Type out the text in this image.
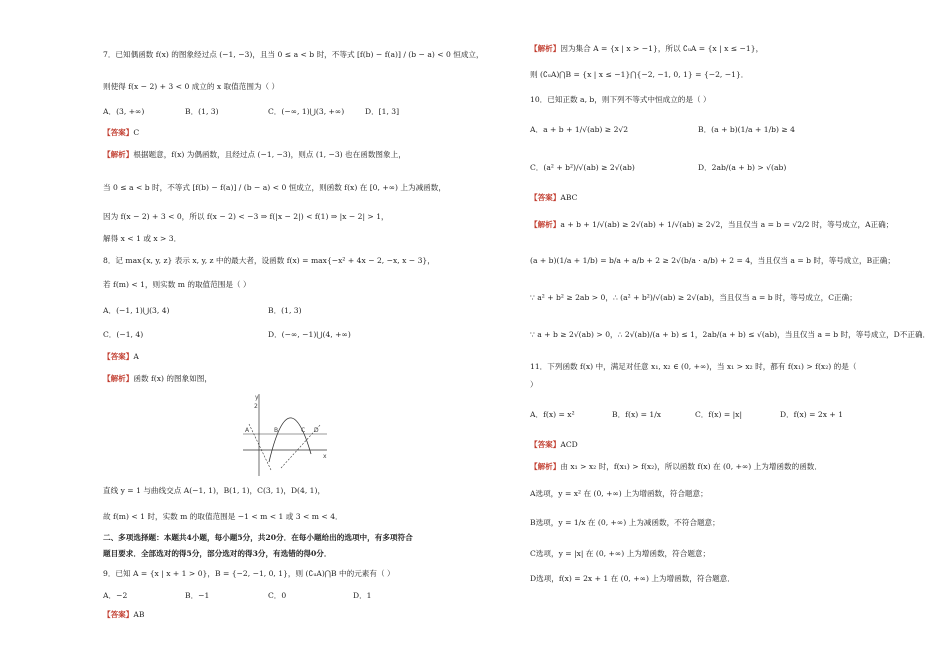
7．已知偶函数 f(x) 的图象经过点 (−1, −3)，且当 0 ≤ a < b 时，不等式 [f(b) − f(a)] / (b − a) < 0 恒成立，
则使得 f(x − 2) + 3 < 0 成立的 x 取值范围为（ ）
A．(3, +∞)	B．(1, 3)	C．(−∞, 1)⋃(3, +∞)	D．[1, 3]
【答案】C
【解析】根据题意，f(x) 为偶函数，且经过点 (−1, −3)，则点 (1, −3) 也在函数图象上，
当 0 ≤ a < b 时，不等式 [f(b) − f(a)] / (b − a) < 0 恒成立，则函数 f(x) 在 [0, +∞) 上为减函数，
因为 f(x − 2) + 3 < 0，所以 f(x − 2) < −3 ⇒ f(|x − 2|) < f(1) ⇒ |x − 2| > 1，
解得 x < 1 或 x > 3．
8．记 max{x, y, z} 表示 x, y, z 中的最大者，设函数 f(x) = max{−x² + 4x − 2, −x, x − 3}，
若 f(m) < 1，则实数 m 的取值范围是（ ）
A．(−1, 1)⋃(3, 4)	B．(1, 3)
C．(−1, 4)	D．(−∞, −1)⋃(4, +∞)
【答案】A
【解析】函数 f(x) 的图象如图，
y
A	B	C D
x
2
直线 y = 1 与曲线交点 A(−1, 1)，B(1, 1)，C(3, 1)，D(4, 1)，
故 f(m) < 1 时，实数 m 的取值范围是 −1 < m < 1 或 3 < m < 4．
二、多项选择题：本题共4小题，每小题5分，共20分．在每小题给出的选项中，有多项符合
题目要求．全部选对的得5分，部分选对的得3分，有选错的得0分．
9．已知 A = {x | x + 1 > 0}，B = {−2, −1, 0, 1}，则 (∁ᵤA)⋂B 中的元素有（ ）
A．−2	B．−1	C．0	D．1
【答案】AB
【解析】因为集合 A = {x | x > −1}，所以 ∁ᵤA = {x | x ≤ −1}，
则 (∁ᵤA)⋂B = {x | x ≤ −1}⋂{−2, −1, 0, 1} = {−2, −1}．
10．已知正数 a, b，则下列不等式中恒成立的是（ ）
A．a + b + 1/√(ab) ≥ 2√2	B．(a + b)(1/a + 1/b) ≥ 4
C．(a² + b²)/√(ab) ≥ 2√(ab)	D．2ab/(a + b) > √(ab)
【答案】ABC
【解析】a + b + 1/√(ab) ≥ 2√(ab) + 1/√(ab) ≥ 2√2，当且仅当 a = b = √2/2 时，等号成立，A正确；
(a + b)(1/a + 1/b) = b/a + a/b + 2 ≥ 2√(b/a · a/b) + 2 = 4，当且仅当 a = b 时，等号成立，B正确；
∵ a² + b² ≥ 2ab > 0，∴ (a² + b²)/√(ab) ≥ 2√(ab)，当且仅当 a = b 时，等号成立，C正确；
∵ a + b ≥ 2√(ab) > 0，∴ 2√(ab)/(a + b) ≤ 1，2ab/(a + b) ≤ √(ab)，当且仅当 a = b 时，等号成立，D不正确．
11．下列函数 f(x) 中，满足对任意 x₁, x₂ ∈ (0, +∞)，当 x₁ > x₂ 时，都有 f(x₁) > f(x₂) 的是（
）
A．f(x) = x²	B．f(x) = 1/x	C．f(x) = |x|	D．f(x) = 2x + 1
【答案】ACD
【解析】由 x₁ > x₂ 时，f(x₁) > f(x₂)，所以函数 f(x) 在 (0, +∞) 上为增函数的函数．
A选项，y = x² 在 (0, +∞) 上为增函数，符合题意；
B选项，y = 1/x 在 (0, +∞) 上为减函数，不符合题意；
C选项，y = |x| 在 (0, +∞) 上为增函数，符合题意；
D选项，f(x) = 2x + 1 在 (0, +∞) 上为增函数，符合题意．
